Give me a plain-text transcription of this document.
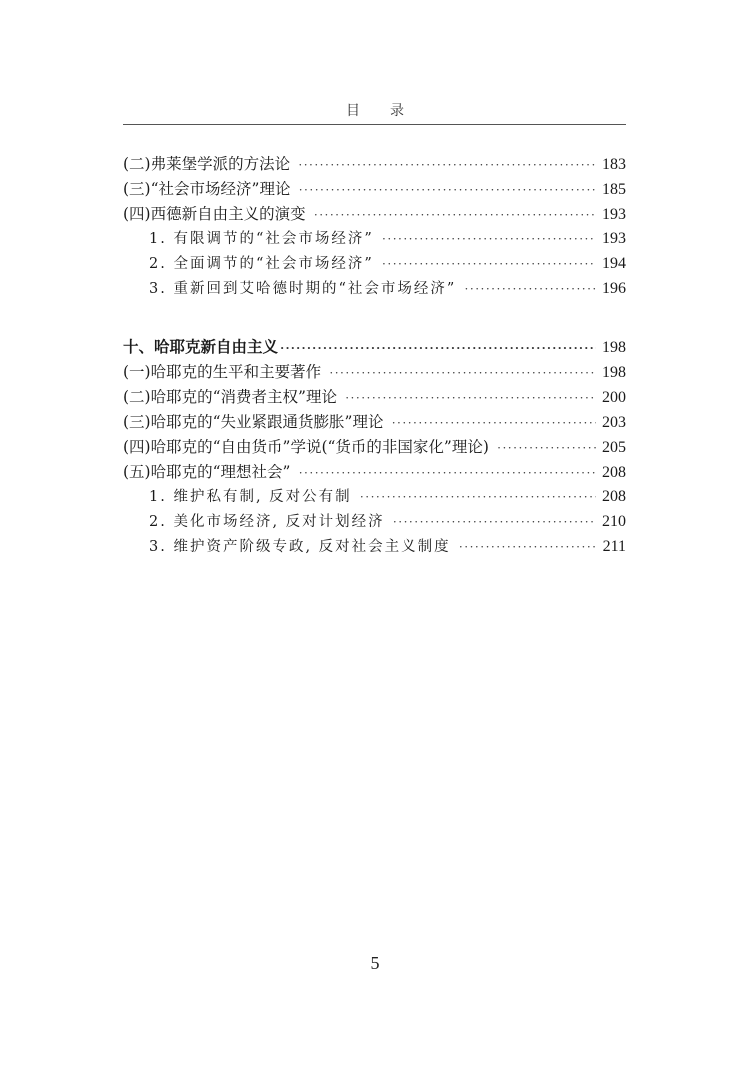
目录
(二)弗莱堡学派的方法论 ·····	183
(三)“社会市场经济”理论 ·····	185
(四)西德新自由主义的演变 ·····	193
1. 有限调节的“社会市场经济” ·····	193
2. 全面调节的“社会市场经济” ·····	194
3. 重新回到艾哈德时期的“社会市场经济” ·····	196
十、哈耶克新自由主义 ·····	198
(一)哈耶克的生平和主要著作 ·····	198
(二)哈耶克的“消费者主权”理论 ·····	200
(三)哈耶克的“失业紧跟通货膨胀”理论 ·····	203
(四)哈耶克的“自由货币”学说(“货币的非国家化”理论) ·····	205
(五)哈耶克的“理想社会” ·····	208
1. 维护私有制, 反对公有制 ·····	208
2. 美化市场经济, 反对计划经济 ·····	210
3. 维护资产阶级专政, 反对社会主义制度 ·····	211
5
